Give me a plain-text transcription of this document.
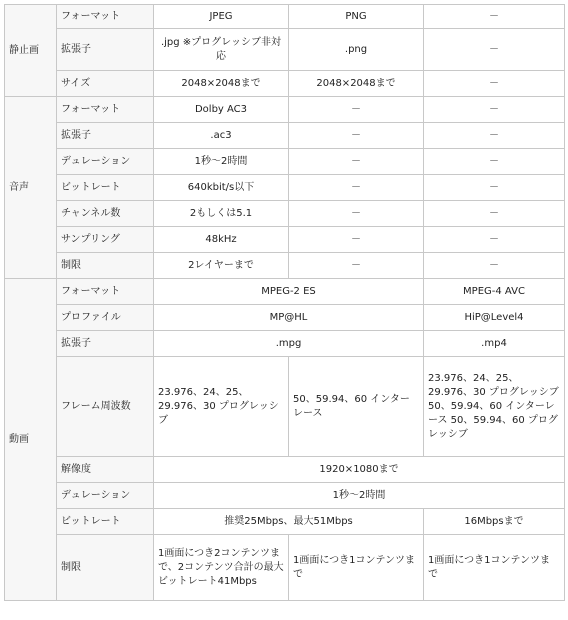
静止画	フォーマット	JPEG	PNG	－
	拡張子	.jpg ※プログレッシブ非対応	.png	－
	サイズ	2048×2048まで	2048×2048まで	－
音声	フォーマット	Dolby AC3	－	－
	拡張子	.ac3	－	－
	デュレーション	1秒～2時間	－	－
	ビットレート	640kbit/s以下	－	－
	チャンネル数	2もしくは5.1	－	－
	サンプリング	48kHz	－	－
	制限	2レイヤーまで	－	－
動画	フォーマット	MPEG-2 ES		MPEG-4 AVC
	プロファイル	MP@HL		HiP@Level4
	拡張子	.mpg		.mp4
	フレーム周波数	23.976、24、25、29.976、30 プログレッシブ	50、59.94、60 インターレース	23.976、24、25、29.976、30 プログレッシブ 50、59.94、60 インターレース 50、59.94、60 プログレッシブ
	解像度	1920×1080まで		
	デュレーション	1秒～2時間		
	ビットレート	推奨25Mbps、最大51Mbps		16Mbpsまで
	制限	1画面につき2コンテンツまで、2コンテンツ合計の最大ビットレート41Mbps	1画面につき1コンテンツまで	1画面につき1コンテンツまで
